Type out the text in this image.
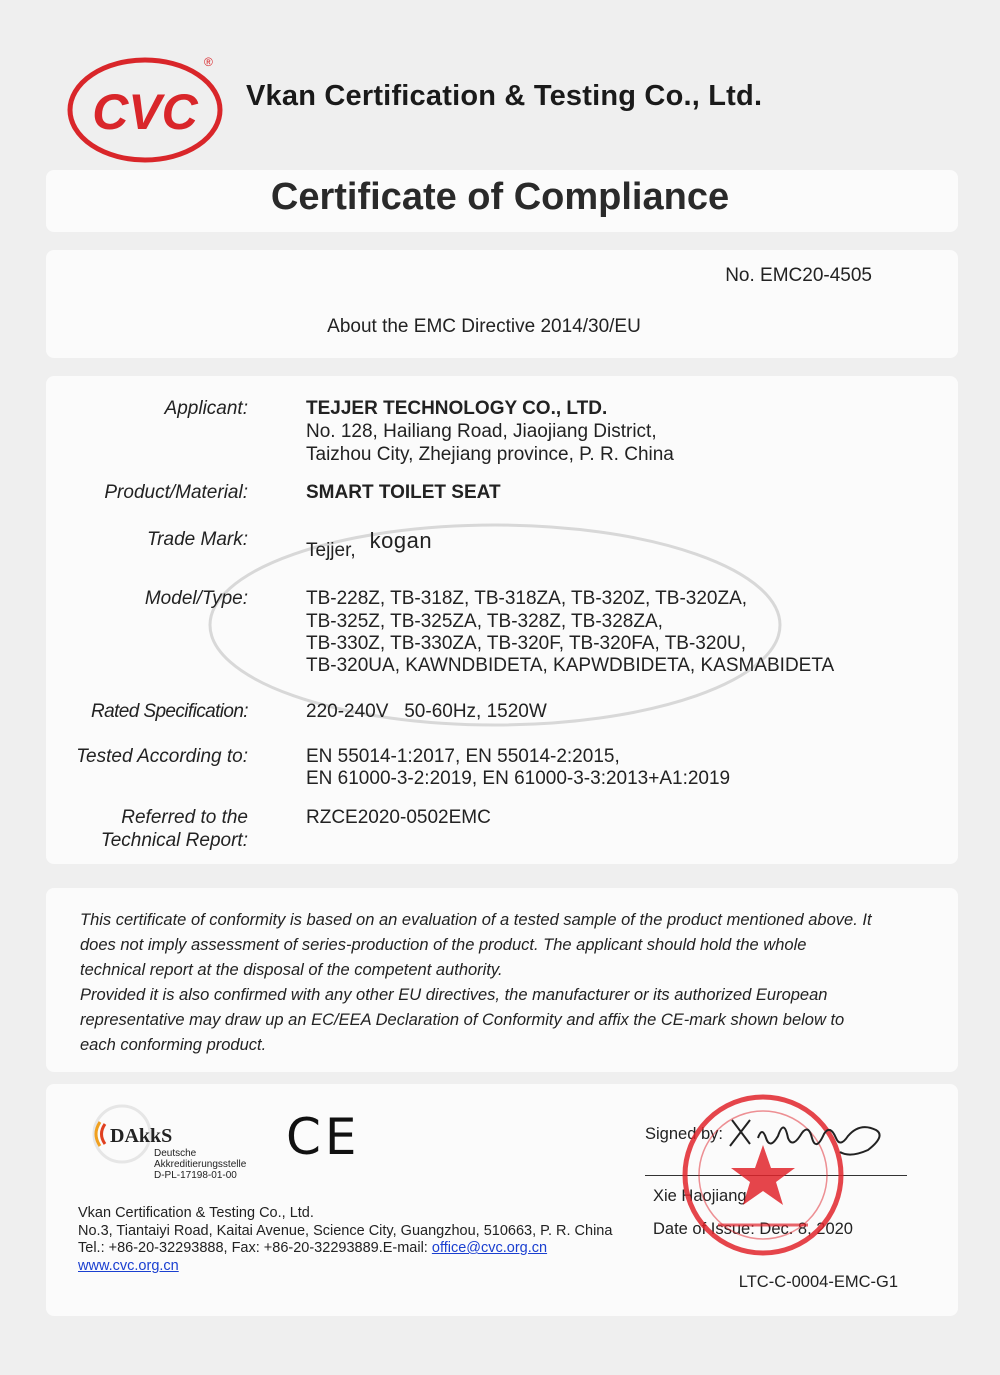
CVC
®
Vkan Certification & Testing Co., Ltd.
Certificate of Compliance
No. EMC20-4505
About the EMC Directive 2014/30/EU
Applicant:	TEJJER TECHNOLOGY CO., LTD.
No. 128, Hailiang Road, Jiaojiang District,
Taizhou City, Zhejiang province, P. R. China
Product/Material:	SMART TOILET SEAT
Trade Mark:
Tejjer, kogan
Model/Type:	TB-228Z, TB-318Z, TB-318ZA, TB-320Z, TB-320ZA,
TB-325Z, TB-325ZA, TB-328Z, TB-328ZA,
TB-330Z, TB-330ZA, TB-320F, TB-320FA, TB-320U,
TB-320UA, KAWNDBIDETA, KAPWDBIDETA, KASMABIDETA
Rated Specification:	220-240V   50-60Hz, 1520W
Tested According to:	EN 55014-1:2017, EN 55014-2:2015,
EN 61000-3-2:2019, EN 61000-3-3:2013+A1:2019
Referred to the
Technical Report:
RZCE2020-0502EMC
This certificate of conformity is based on an evaluation of a tested sample of the product mentioned above. It
does not imply assessment of series-production of the product. The applicant should hold the whole
technical report at the disposal of the competent authority.
Provided it is also confirmed with any other EU directives, the manufacturer or its authorized European
representative may draw up an EC/EEA Declaration of Conformity and affix the CE-mark shown below to
each conforming product.
DAkkS
Deutsche
Akkreditierungsstelle
D-PL-17198-01-00
CE
Vkan Certification & Testing Co., Ltd.
No.3, Tiantaiyi Road, Kaitai Avenue, Science City, Guangzhou, 510663, P. R. China
Tel.: +86-20-32293888, Fax: +86-20-32293889.E-mail: office@cvc.org.cn
www.cvc.org.cn
Signed by:
Xie Haojiang
Date of Issue: Dec. 8, 2020
LTC-C-0004-EMC-G1
